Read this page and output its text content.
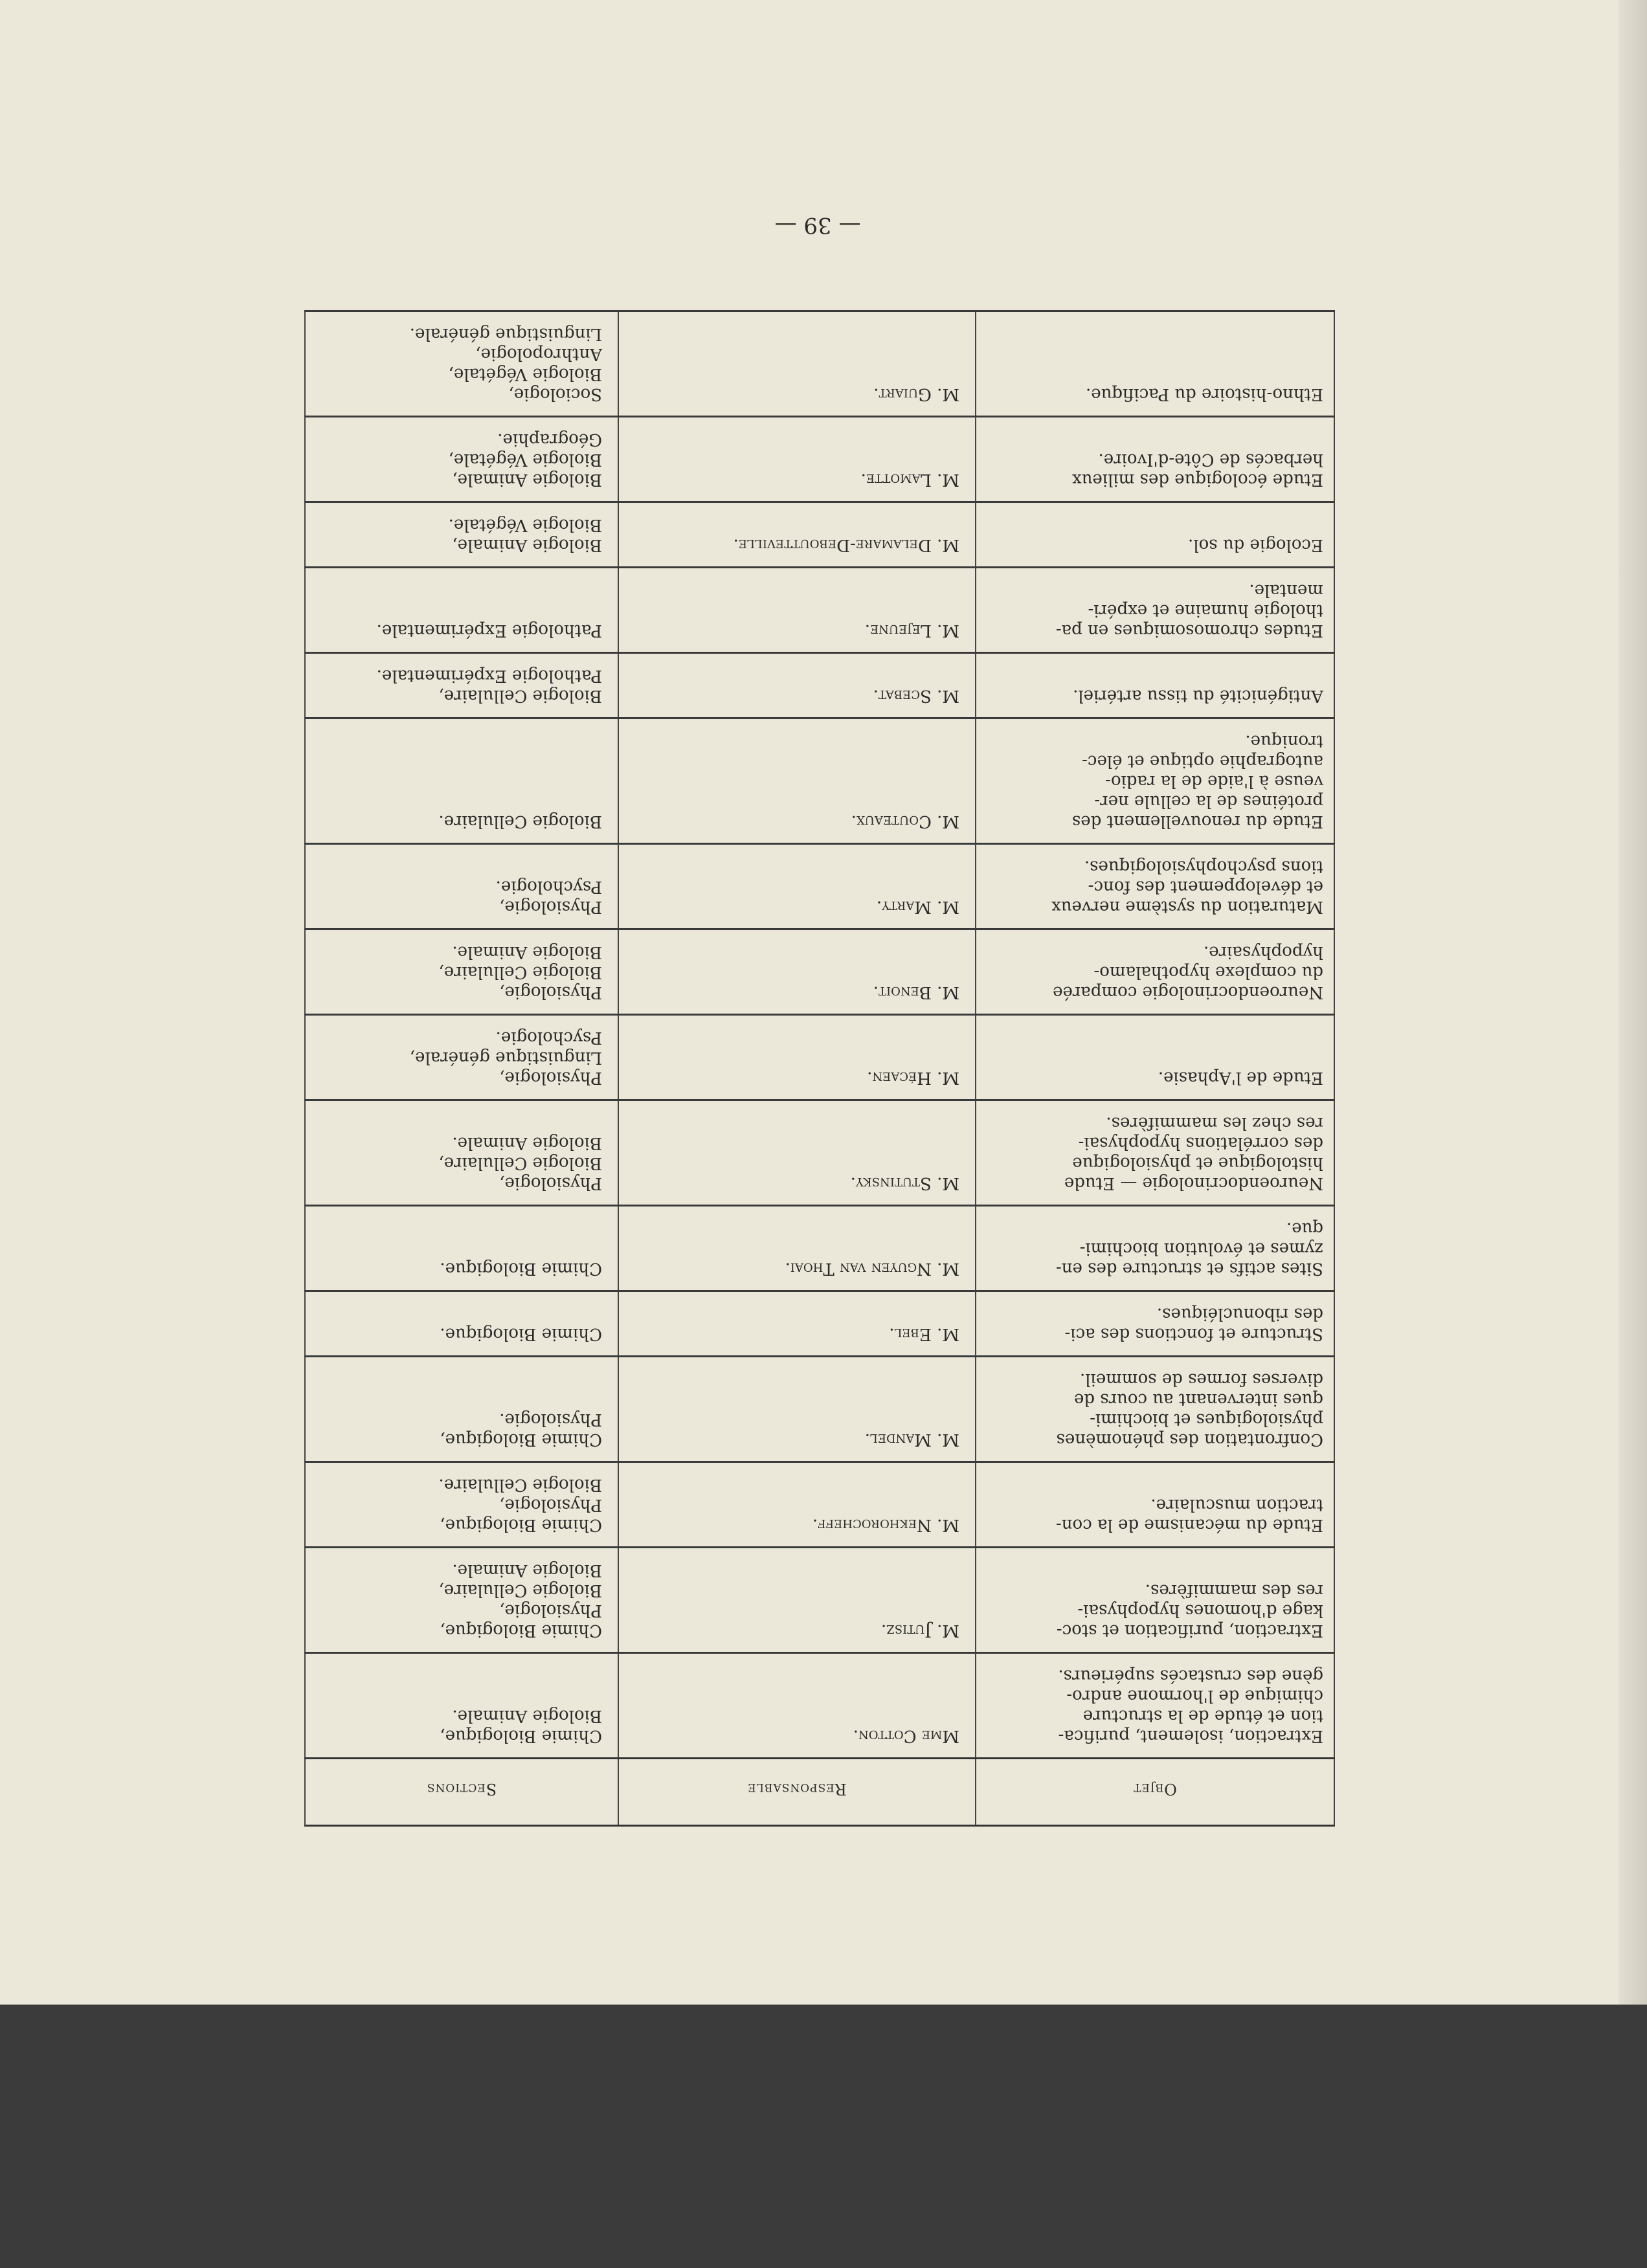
— 39 —
Objet	Responsable	Sections
Extraction, isolement, purifica-
tion et étude de la structure
chimique de l'hormone andro-
gène des crustacés supérieurs.	Mme Cotton.	Chimie Biologique,
Biologie Animale.
Extraction, purification et stoc-
kage d'homones hypophysai-
res des mammifères.	M. Jutisz.	Chimie Biologique,
Physiologie,
Biologie Cellulaire,
Biologie Animale.
Etude du mécanisme de la con-
traction musculaire.	M. Nekhorocheff.	Chimie Biologique,
Physiologie,
Biologie Cellulaire.
Confrontation des phénomènes
physiologiques et biochimi-
ques intervenant au cours de
diverses formes de sommeil.	M. Mandel.	Chimie Biologique,
Physiologie.
Structure et fonctions des aci-
des ribonucléiques.	M. Ebel.	Chimie Biologique.
Sites actifs et structure des en-
zymes et évolution biochimi-
que.	M. Nguyen van Thoai.	Chimie Biologique.
Neuroendocrinologie — Etude
histologique et physiologique
des corrélations hypophysai-
res chez les mammifères.	M. Stutinsky.	Physiologie,
Biologie Cellulaire,
Biologie Animale.
Etude de l'Aphasie.	M. Hécaen.	Physiologie,
Linguistique générale,
Psychologie.
Neuroendocrinologie comparée
du complexe hypothalamo-
hypophysaire.	M. Benoit.	Physiologie,
Biologie Cellulaire,
Biologie Animale.
Maturation du système nerveux
et développement des fonc-
tions psychophysiologiques.	M. Marty.	Physiologie,
Psychologie.
Etude du renouvellement des
protéines de la cellule ner-
veuse à l'aide de la radio-
autographie optique et élec-
tronique.	M. Couteaux.	Biologie Cellulaire.
Antigénicité du tissu artériel.	M. Scebat.	Biologie Cellulaire,
Pathologie Expérimentale.
Etudes chromosomiques en pa-
thologie humaine et expéri-
mentale.	M. Lejeune.	Pathologie Expérimentale.
Ecologie du sol.	M. Delamare-Deboutteville.	Biologie Animale,
Biologie Végétale.
Etude écologique des milieux
herbacés de Côte-d'Ivoire.	M. Lamotte.	Biologie Animale,
Biologie Végétale,
Géographie.
Ethno-histoire du Pacifique.	M. Guiart.	Sociologie,
Biologie Végétale,
Anthropologie,
Linguistique générale.
